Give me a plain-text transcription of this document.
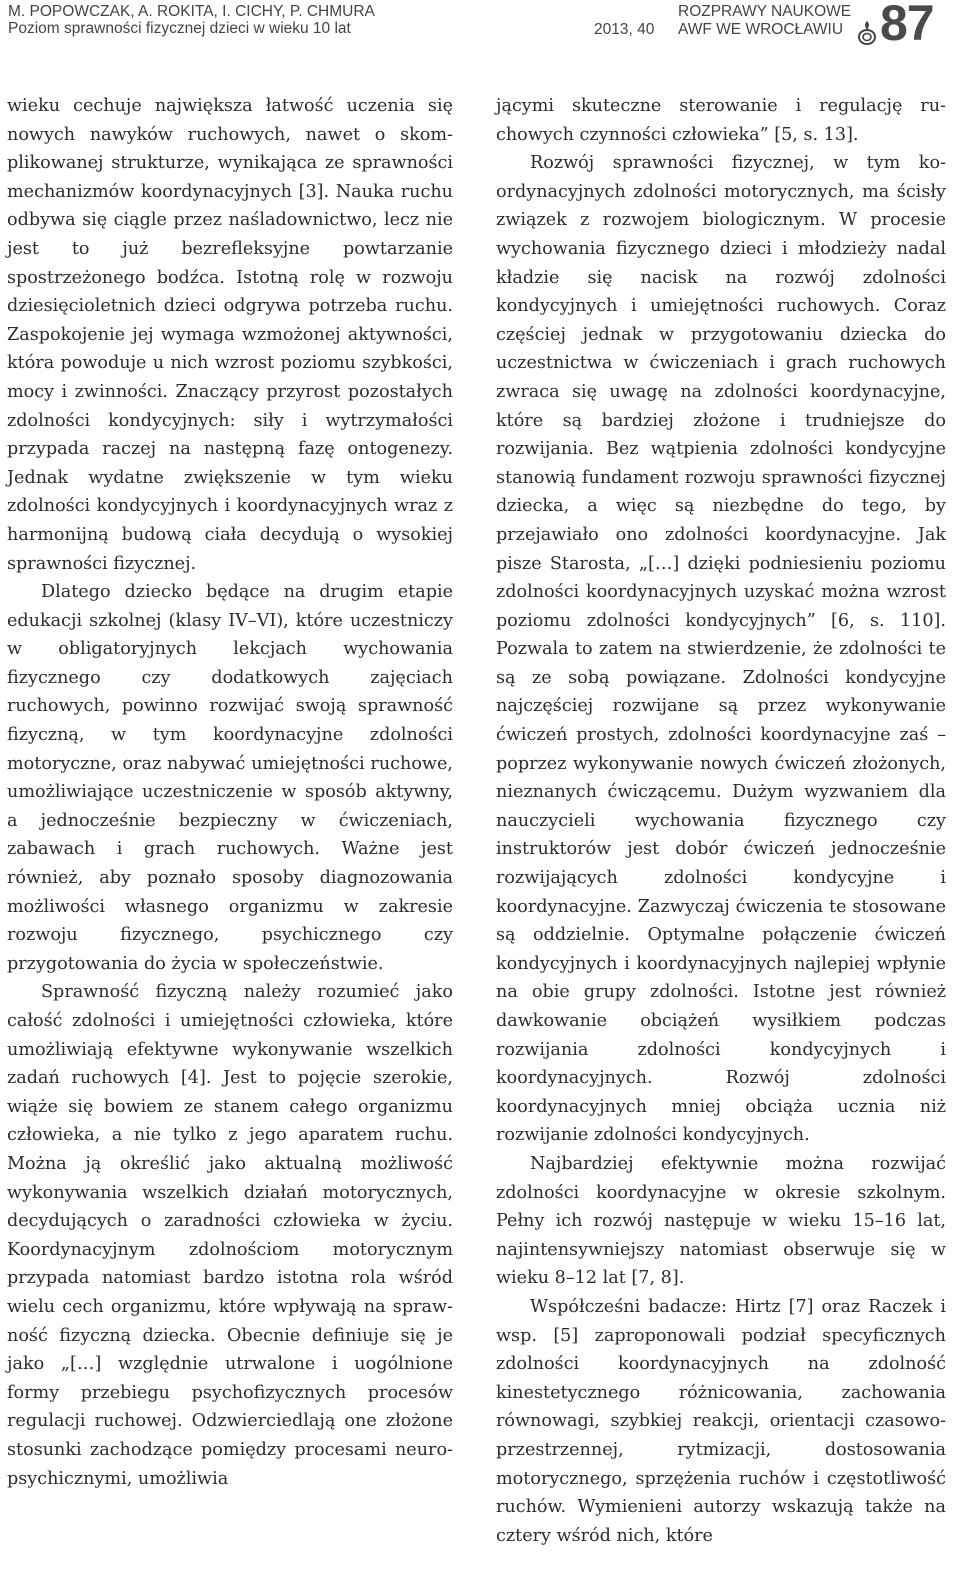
M. POPOWCZAK, A. ROKITA, I. CICHY, P. CHMURA
Poziom sprawności fizycznej dzieci w wieku 10 lat	2013, 40
ROZPRAWY NAUKOWE
AWF WE WROCŁAWIU 87

wieku cechuje największa łatwość uczenia się nowych nawyków ruchowych, nawet o skomplikowanej strukturze, wynikająca ze sprawności mechanizmów koordynacyjnych [3]. Nauka ruchu odbywa się ciągle przez naśladownictwo, lecz nie jest to już bezrefleksyjne powtarzanie spostrzeżonego bodźca. Istotną rolę w rozwoju dziesięcioletnich dzieci odgrywa potrzeba ruchu. Zaspokojenie jej wymaga wzmożonej aktywności, która powoduje u nich wzrost poziomu szybkości, mocy i zwinności. Znaczący przyrost pozostałych zdolności kondycyjnych: siły i wytrzymałości przypada raczej na następną fazę ontogenezy. Jednak wydatne zwiększenie w tym wieku zdolności kondycyjnych i koordynacyjnych wraz z harmonijną budową ciała decydują o wysokiej sprawności fizycznej.

Dlatego dziecko będące na drugim etapie edukacji szkolnej (klasy IV–VI), które uczestniczy w obligatoryjnych lekcjach wychowania fizycznego czy dodatkowych zajęciach ruchowych, powinno rozwijać swoją sprawność fizyczną, w tym koordynacyjne zdolności motoryczne, oraz nabywać umiejętności ruchowe, umożliwiające uczestniczenie w sposób aktywny, a jednocześnie bezpieczny w ćwiczeniach, zabawach i grach ruchowych. Ważne jest również, aby poznało sposoby diagnozowania możliwości własnego organizmu w zakresie rozwoju fizycznego, psychicznego czy przygotowania do życia w społeczeństwie.

Sprawność fizyczną należy rozumieć jako całość zdolności i umiejętności człowieka, które umożliwiają efektywne wykonywanie wszelkich zadań ruchowych [4]. Jest to pojęcie szerokie, wiąże się bowiem ze stanem całego organizmu człowieka, a nie tylko z jego aparatem ruchu. Można ją określić jako aktualną możliwość wykonywania wszelkich działań motorycznych, decydujących o zaradności człowieka w życiu. Koordynacyjnym zdolnościom motorycznym przypada natomiast bardzo istotna rola wśród wielu cech organizmu, które wpływają na sprawność fizyczną dziecka. Obecnie definiuje się je jako „[…] względnie utrwalone i uogólnione formy przebiegu psychofizycznych procesów regulacji ruchowej. Odzwierciedlają one złożone stosunki zachodzące pomiędzy procesami neuro-psychicznymi, umożliwia

jącymi skuteczne sterowanie i regulację ruchowych czynności człowieka” [5, s. 13].

Rozwój sprawności fizycznej, w tym koordynacyjnych zdolności motorycznych, ma ścisły związek z rozwojem biologicznym. W procesie wychowania fizycznego dzieci i młodzieży nadal kładzie się nacisk na rozwój zdolności kondycyjnych i umiejętności ruchowych. Coraz częściej jednak w przygotowaniu dziecka do uczestnictwa w ćwiczeniach i grach ruchowych zwraca się uwagę na zdolności koordynacyjne, które są bardziej złożone i trudniejsze do rozwijania. Bez wątpienia zdolności kondycyjne stanowią fundament rozwoju sprawności fizycznej dziecka, a więc są niezbędne do tego, by przejawiało ono zdolności koordynacyjne. Jak pisze Starosta, „[…] dzięki podniesieniu poziomu zdolności koordynacyjnych uzyskać można wzrost poziomu zdolności kondycyjnych” [6, s. 110]. Pozwala to zatem na stwierdzenie, że zdolności te są ze sobą powiązane. Zdolności kondycyjne najczęściej rozwijane są przez wykonywanie ćwiczeń prostych, zdolności koordynacyjne zaś – poprzez wykonywanie nowych ćwiczeń złożonych, nieznanych ćwiczącemu. Dużym wyzwaniem dla nauczycieli wychowania fizycznego czy instruktorów jest dobór ćwiczeń jednocześnie rozwijających zdolności kondycyjne i koordynacyjne. Zazwyczaj ćwiczenia te stosowane są oddzielnie. Optymalne połączenie ćwiczeń kondycyjnych i koordynacyjnych najlepiej wpłynie na obie grupy zdolności. Istotne jest również dawkowanie obciążeń wysiłkiem podczas rozwijania zdolności kondycyjnych i koordynacyjnych. Rozwój zdolności koordynacyjnych mniej obciąża ucznia niż rozwijanie zdolności kondycyjnych.

Najbardziej efektywnie można rozwijać zdolności koordynacyjne w okresie szkolnym. Pełny ich rozwój następuje w wieku 15–16 lat, najintensywniejszy natomiast obserwuje się w wieku 8–12 lat [7, 8].

Współcześni badacze: Hirtz [7] oraz Raczek i wsp. [5] zaproponowali podział specyficznych zdolności koordynacyjnych na zdolność kinestetycznego różnicowania, zachowania równowagi, szybkiej reakcji, orientacji czasowo-przestrzennej, rytmizacji, dostosowania motorycznego, sprzężenia ruchów i częstotliwość ruchów. Wymienieni autorzy wskazują także na cztery wśród nich, które
